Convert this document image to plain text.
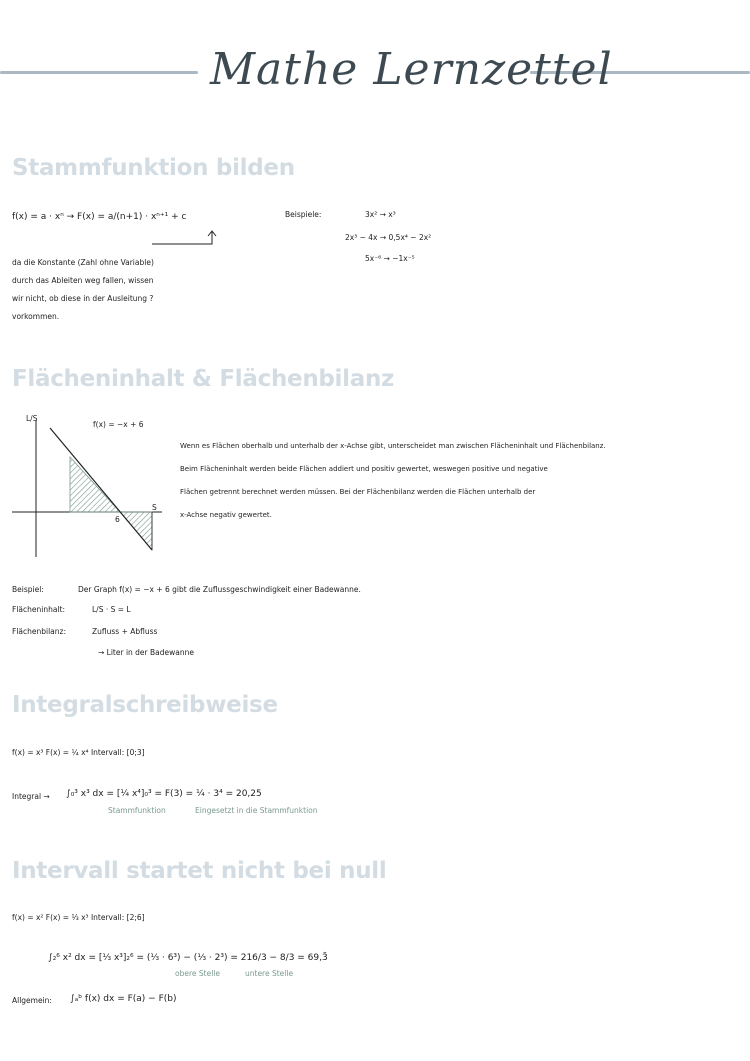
Mathe Lernzettel
Stammfunktion bilden
f(x) = a · xⁿ → F(x) = a/(n+1) · xⁿ⁺¹ + c
da die Konstante (Zahl ohne Variable)
durch das Ableiten weg fallen, wissen
wir nicht, ob diese in der Ausleitung ?
vorkommen.
Beispiele:	3x² → x³
2x³ − 4x → 0,5x⁴ − 2x²
5x⁻⁶ → −1x⁻⁵
Flächeninhalt & Flächenbilanz
L/S
f(x) = −x + 6
S
6
Wenn es Flächen oberhalb und unterhalb der x-Achse gibt, unterscheidet man zwischen Flächeninhalt und Flächenbilanz.
Beim Flächeninhalt werden beide Flächen addiert und positiv gewertet, weswegen positive und negative
Flächen getrennt berechnet werden müssen. Bei der Flächenbilanz werden die Flächen unterhalb der
x-Achse negativ gewertet.
Beispiel:	Der Graph f(x) = −x + 6 gibt die Zuflussgeschwindigkeit einer Badewanne.
Flächeninhalt:	L/S · S = L
Flächenbilanz:	Zufluss + Abfluss
→ Liter in der Badewanne
Integralschreibweise
f(x) = x³ F(x) = ¼ x⁴ Intervall: [0;3]
Integral → ∫₀³ x³ dx = [¼ x⁴]₀³ = F(3) = ¼ · 3⁴ = 20,25
Stammfunktion	Eingesetzt in die Stammfunktion
Intervall startet nicht bei null
f(x) = x² F(x) = ⅓ x³ Intervall: [2;6]
∫₂⁶ x² dx = [⅓ x³]₂⁶ = (⅓ · 6³) − (⅓ · 2³) = 216/3 − 8/3 = 69,3̄
obere Stelle	untere Stelle
Allgemein: ∫ₐᵇ f(x) dx = F(a) − F(b)
